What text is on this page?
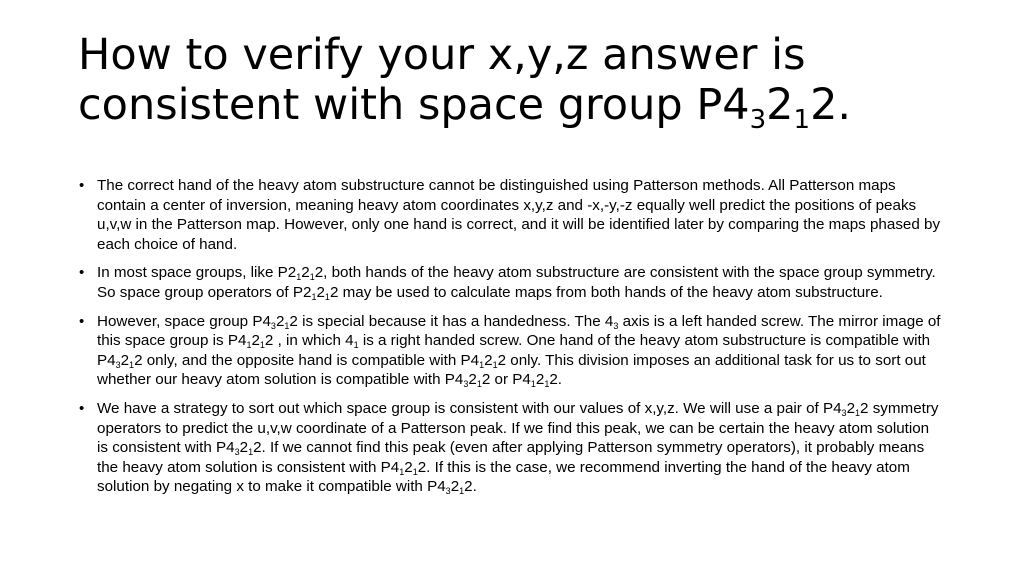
How to verify your x,y,z answer is consistent with space group $P4_32_12$.
• The correct hand of the heavy atom substructure cannot be distinguished using Patterson methods. All Patterson maps contain a center of inversion, meaning heavy atom coordinates x,y,z and -x,-y,-z equally well predict the positions of peaks u,v,w in the Patterson map. However, only one hand is correct, and it will be identified later by comparing the maps phased by each choice of hand.
• In most space groups, like $P2_12_12$, both hands of the heavy atom substructure are consistent with the space group symmetry. So space group operators of $P2_12_12$ may be used to calculate maps from both hands of the heavy atom substructure.
• However, space group $P4_32_12$ is special because it has a handedness. The $4_3$ axis is a left handed screw. The mirror image of this space group is $P4_12_12$ , in which $4_1$ is a right handed screw. One hand of the heavy atom substructure is compatible with $P4_32_12$ only, and the opposite hand is compatible with $P4_12_12$ only. This division imposes an additional task for us to sort out whether our heavy atom solution is compatible with $P4_32_12$ or $P4_12_12$.
• We have a strategy to sort out which space group is consistent with our values of x,y,z. We will use a pair of $P4_32_12$ symmetry operators to predict the u,v,w coordinate of a Patterson peak. If we find this peak, we can be certain the heavy atom solution is consistent with $P4_32_12$. If we cannot find this peak (even after applying Patterson symmetry operators), it probably means the heavy atom solution is consistent with $P4_12_12$. If this is the case, we recommend inverting the hand of the heavy atom solution by negating x to make it compatible with $P4_32_12$.
